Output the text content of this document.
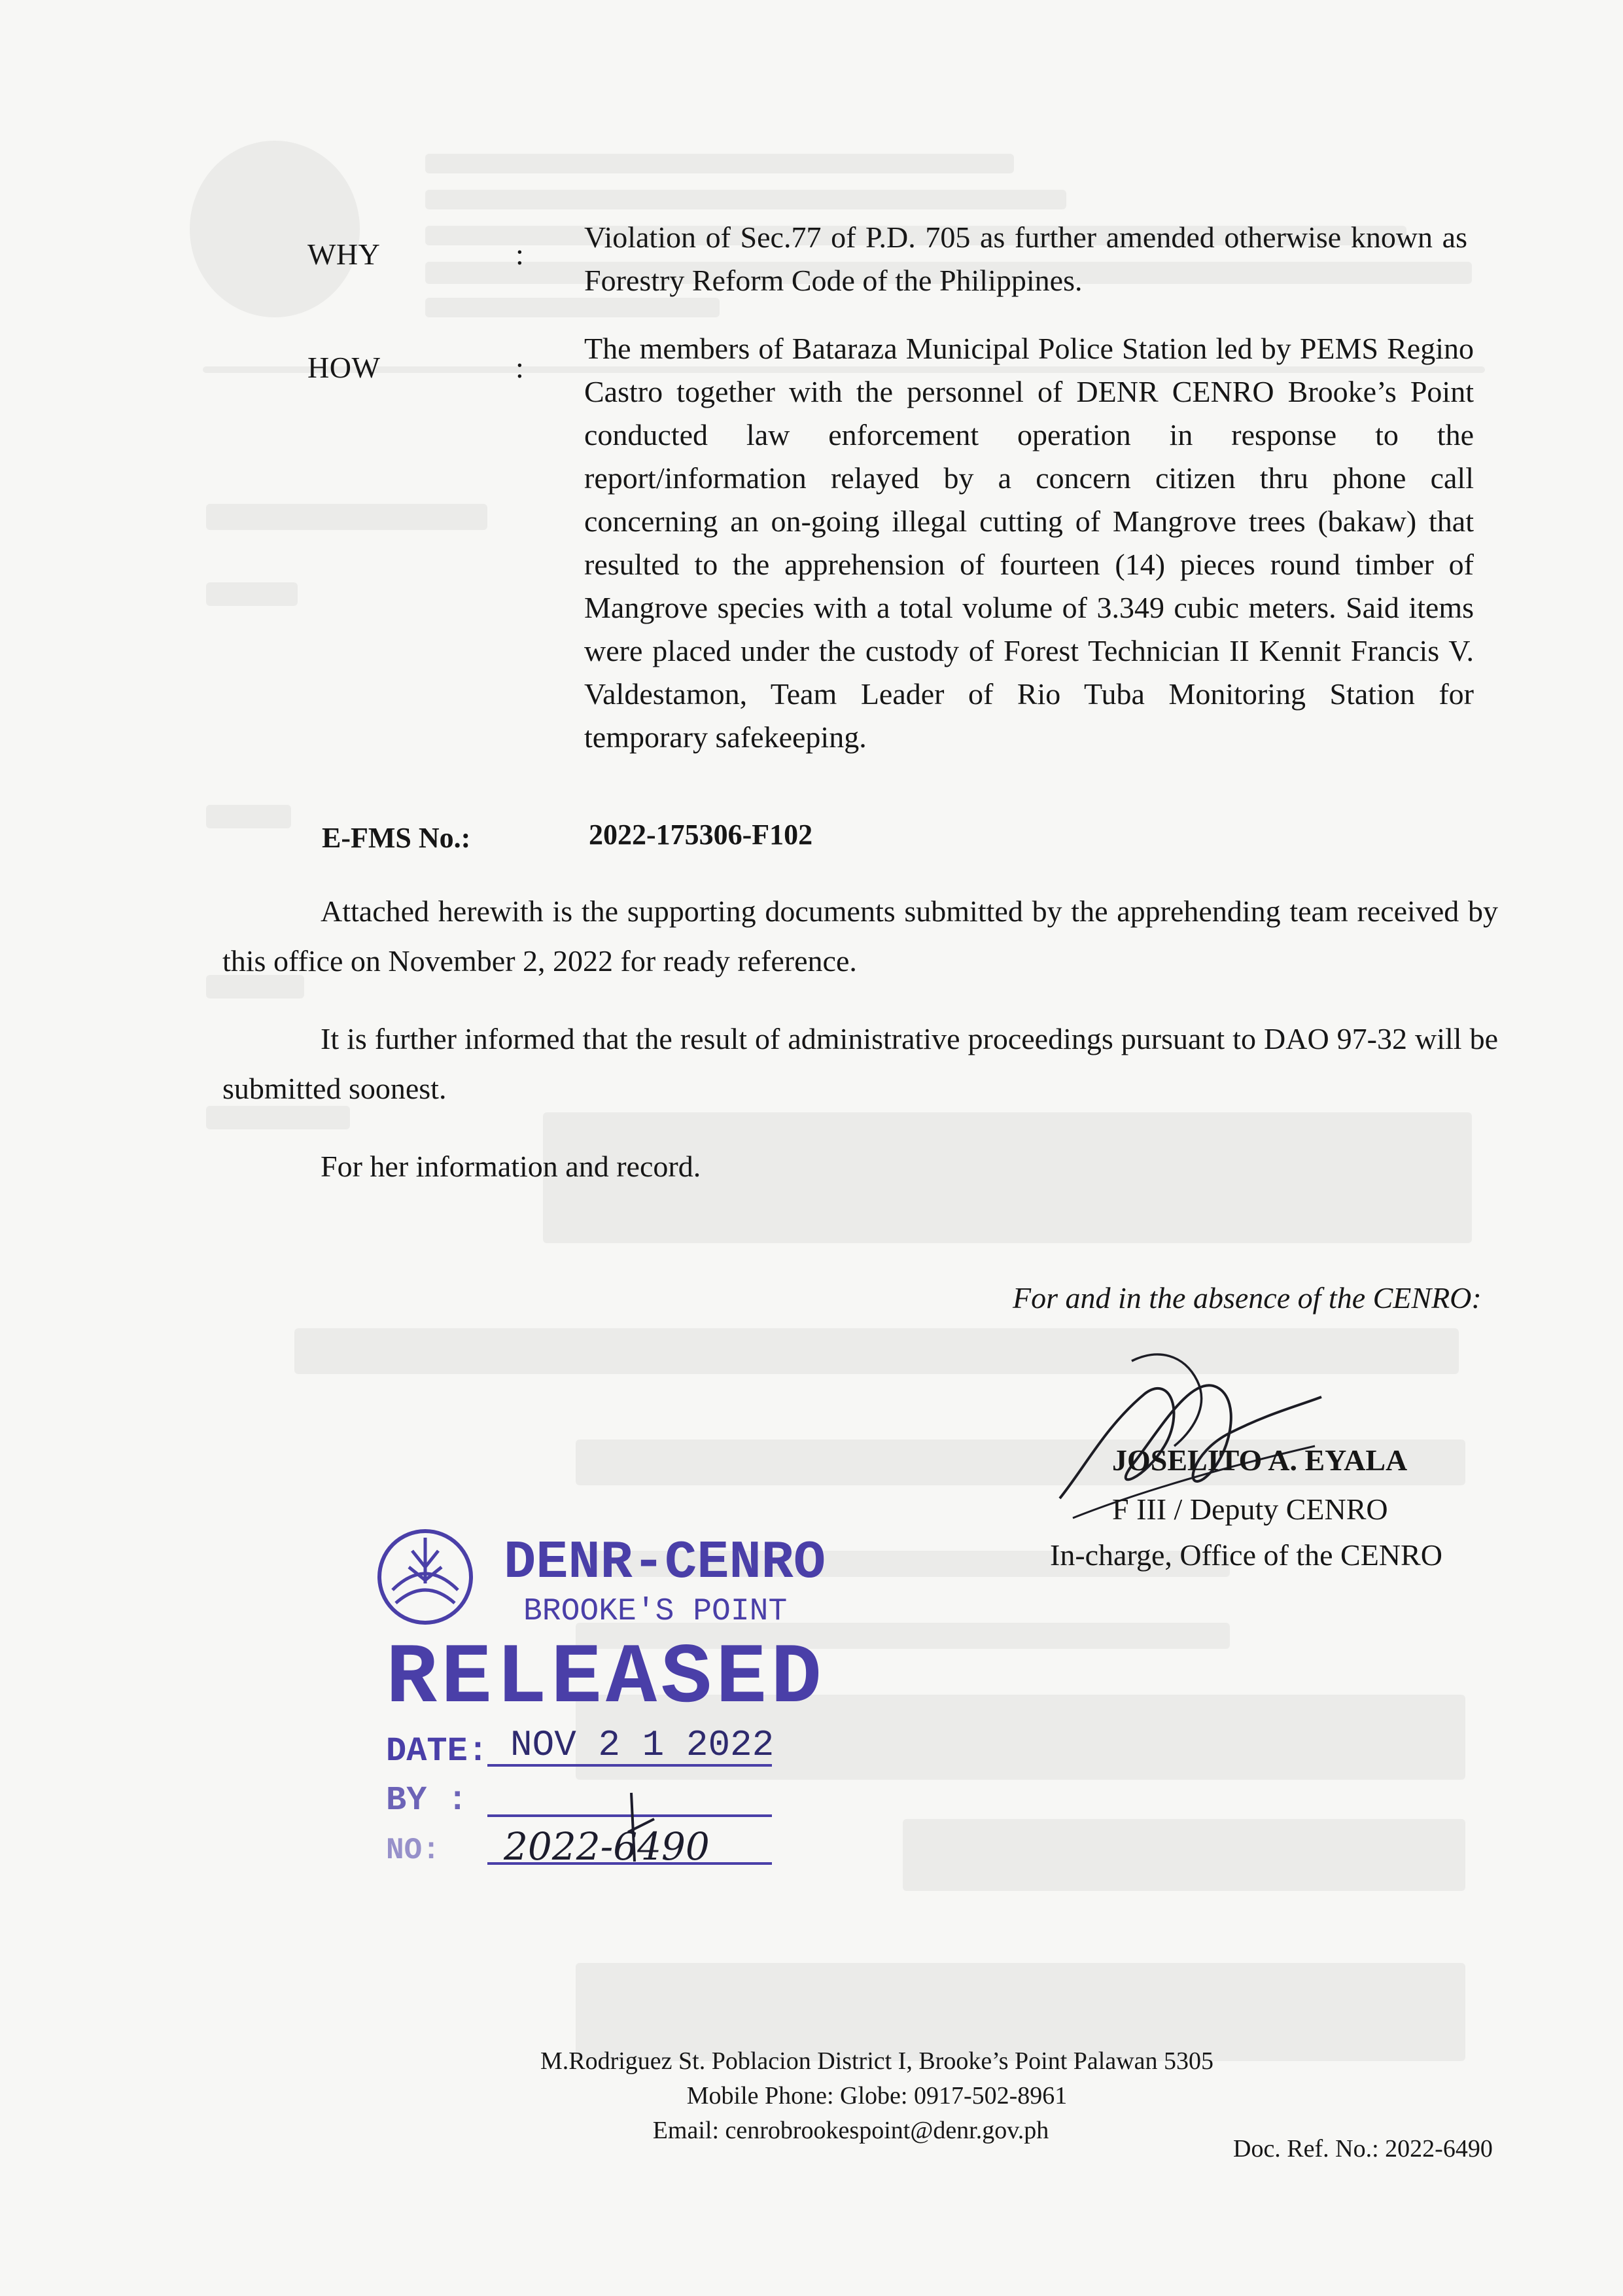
WHY	:
Violation of Sec.77 of P.D. 705 as further amended otherwise known as Forestry Reform Code of the Philippines.
HOW	:
The members of Bataraza Municipal Police Station led by PEMS Regino Castro together with the personnel of DENR CENRO Brooke’s Point conducted law enforcement operation in response to the report/information relayed by a concern citizen thru phone call concerning an on-going illegal cutting of Mangrove trees (bakaw) that resulted to the apprehension of fourteen (14) pieces round timber of Mangrove species with a total volume of 3.349 cubic meters. Said items were placed under the custody of Forest Technician II Kennit Francis V. Valdestamon, Team Leader of Rio Tuba Monitoring Station for temporary safekeeping.
E-FMS No.:	2022-175306-F102
Attached herewith is the supporting documents submitted by the apprehending team received by this office on November 2, 2022 for ready reference.
It is further informed that the result of administrative proceedings pursuant to DAO 97-32 will be submitted soonest.
For her information and record.
For and in the absence of the CENRO:
JOSELITO A. EYALA
F III / Deputy CENRO
In-charge, Office of the CENRO
DENR-CENRO
BROOKE'S POINT
RELEASED
DATE: NOV 2 1 2022
BY :
NO: 2022-6490
M.Rodriguez St. Poblacion District I, Brooke’s Point Palawan 5305
Mobile Phone: Globe: 0917-502-8961
Email: cenrobrookespoint@denr.gov.ph
Doc. Ref. No.: 2022-6490
